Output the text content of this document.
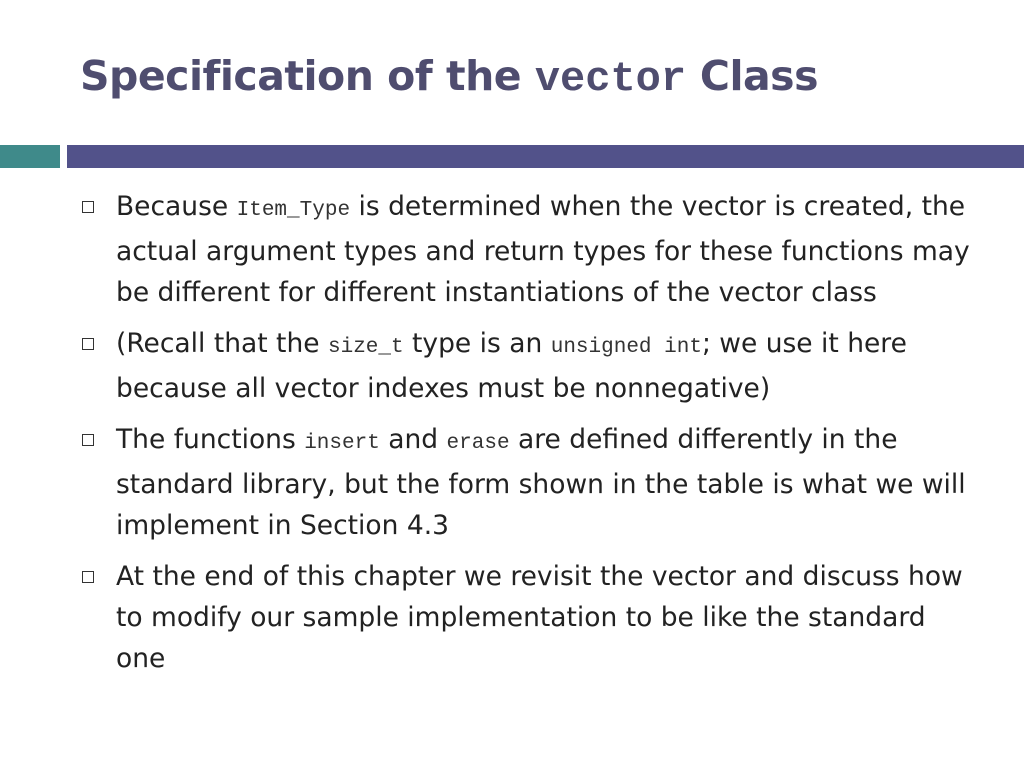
Specification of the vector Class
Because Item_Type is determined when the vector is created, the actual argument types and return types for these functions may be different for different instantiations of the vector class
(Recall that the size_t type is an unsigned int; we use it here because all vector indexes must be nonnegative)
The functions insert and erase are defined differently in the standard library, but the form shown in the table is what we will implement in Section 4.3
At the end of this chapter we revisit the vector and discuss how to modify our sample implementation to be like the standard one
